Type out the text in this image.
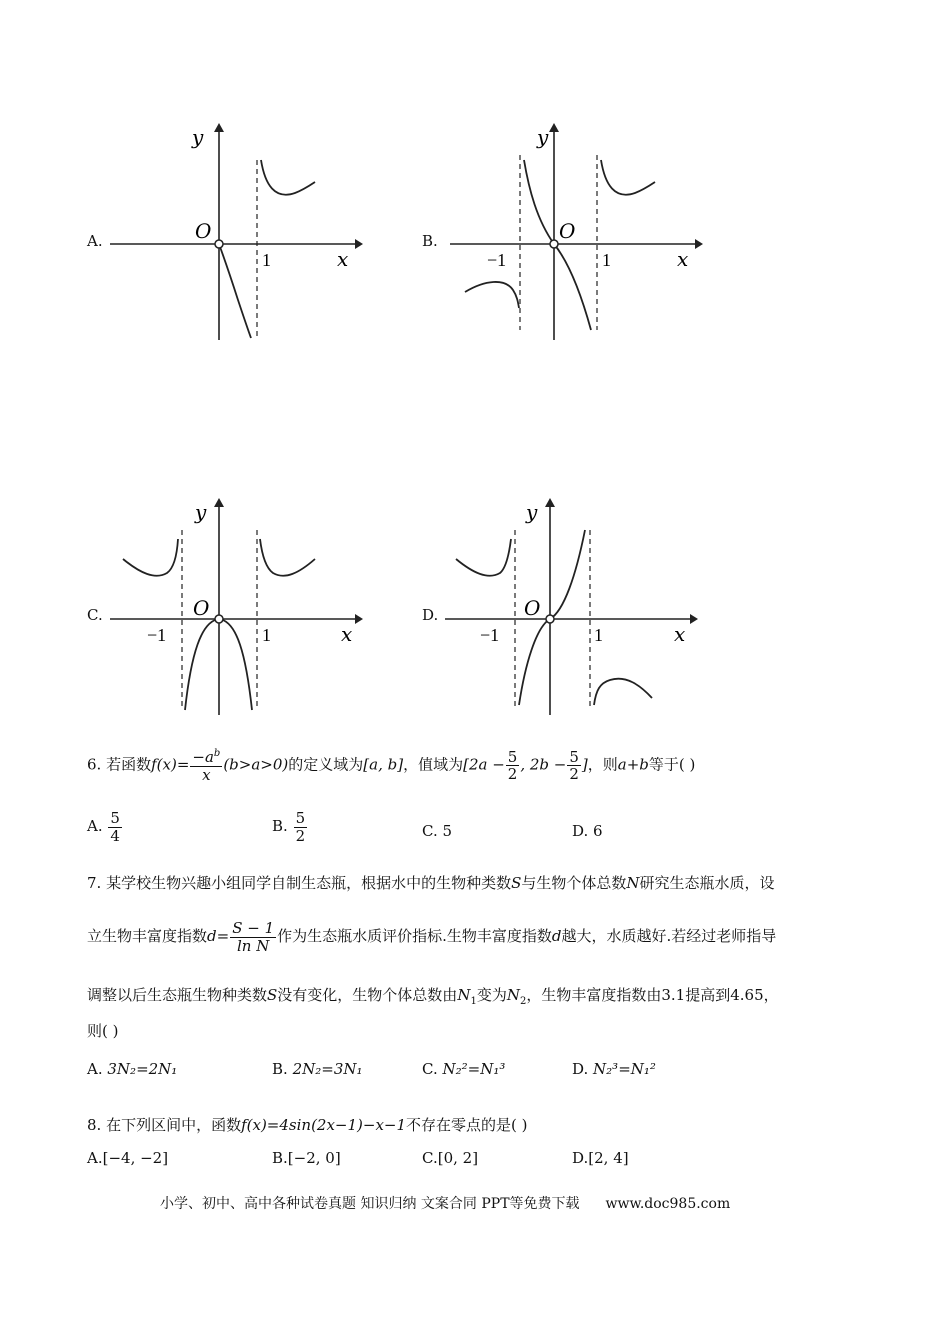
A.
y
x
O
1
B.
y
x
O
−1	1
C.
y
x
O
−1	1
D.
y
x
O
−1	1
6. 若函数$f(x)= \frac{-a^b}{x} (b>a>0)$的定义域为[a, b]，值域为[$2a - \frac{5}{2}$ , $2b - \frac{5}{2}$ ]，则a+b等于( )
A. $\frac{5}{4}$	B. $\frac{5}{2}$	C. 5	D. 6
7. 某学校生物兴趣小组同学自制生态瓶，根据水中的生物种类数S与生物个体总数N研究生态瓶水质，设
立生物丰富度指数$d= \frac{S - 1}{\text{ln N}}$ 作为生态瓶水质评价指标.生物丰富度指数d越大，水质越好.若经过老师指导
调整以后生态瓶生物种类数S没有变化，生物个体总数由$N_1$变为$N_2$，生物丰富度指数由3.1提高到4.65，
则( )
A. 3N₂=2N₁	B. 2N₂=3N₁	C. N₂²=N₁³	D. N₂³=N₁²
8. 在下列区间中，函数f(x)=4sin(2x−1)−x−1不存在零点的是( )
A.[−4, −2]	B.[−2, 0]	C.[0, 2]	D.[2, 4]
小学、初中、高中各种试卷真题 知识归纳 文案合同 PPT等免费下载 www.doc985.com
